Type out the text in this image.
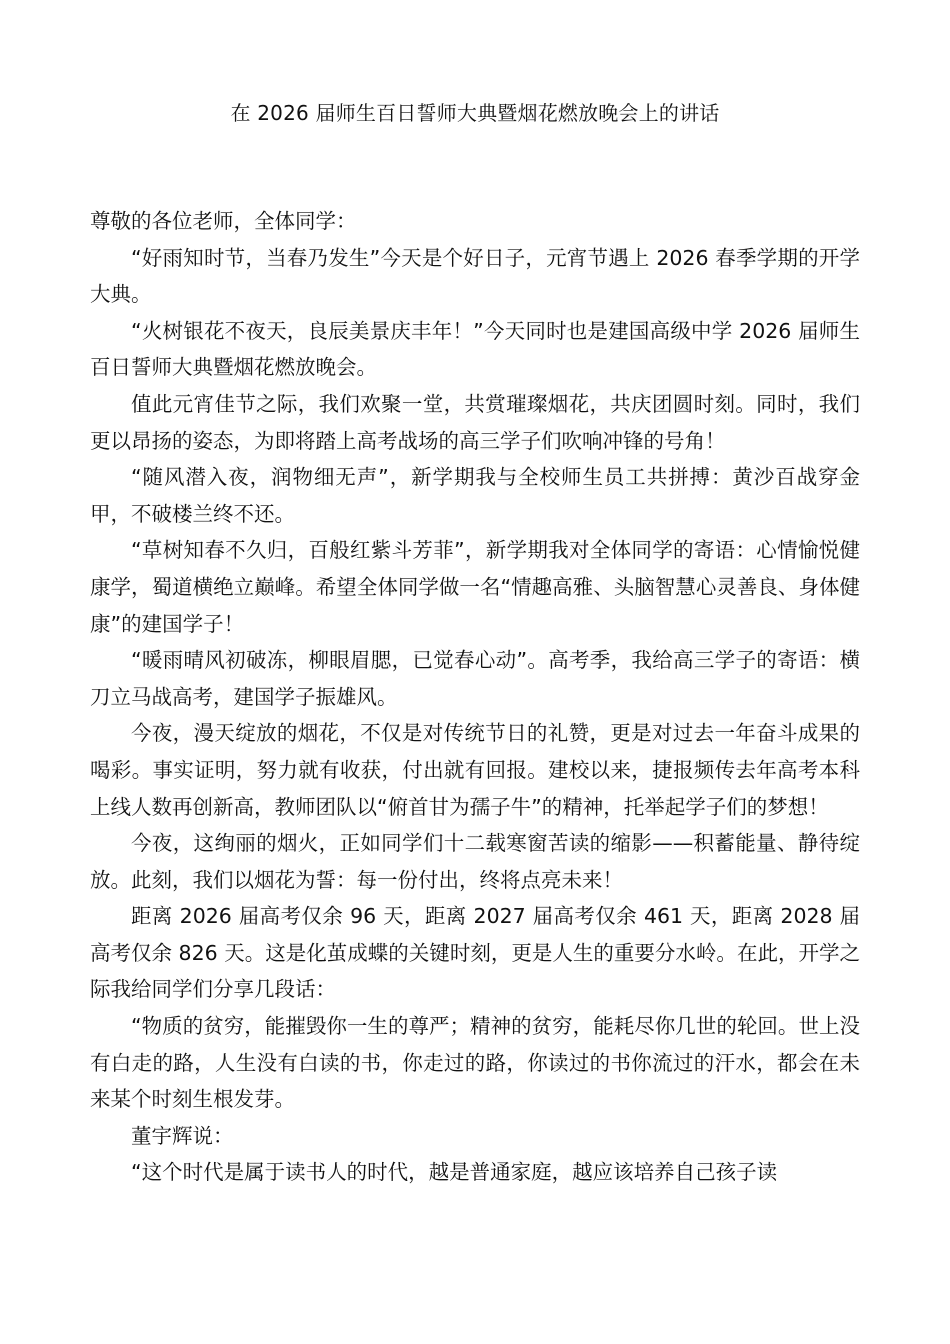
在 2026 届师生百日誓师大典暨烟花燃放晚会上的讲话

尊敬的各位老师，全体同学：

“好雨知时节，当春乃发生”今天是个好日子，元宵节遇上 2026 春季学期的开学大典。

“火树银花不夜天，良辰美景庆丰年！”今天同时也是建国高级中学 2026 届师生百日誓师大典暨烟花燃放晚会。

值此元宵佳节之际，我们欢聚一堂，共赏璀璨烟花，共庆团圆时刻。同时，我们更以昂扬的姿态，为即将踏上高考战场的高三学子们吹响冲锋的号角！

“随风潜入夜，润物细无声”，新学期我与全校师生员工共拼搏：黄沙百战穿金甲，不破楼兰终不还。

“草树知春不久归，百般红紫斗芳菲”，新学期我对全体同学的寄语：心情愉悦健康学，蜀道横绝立巅峰。希望全体同学做一名“情趣高雅、头脑智慧心灵善良、身体健康”的建国学子！

“暖雨晴风初破冻，柳眼眉腮，已觉春心动”。高考季，我给高三学子的寄语：横刀立马战高考，建国学子振雄风。

今夜，漫天绽放的烟花，不仅是对传统节日的礼赞，更是对过去一年奋斗成果的喝彩。事实证明，努力就有收获，付出就有回报。建校以来，捷报频传去年高考本科上线人数再创新高，教师团队以“俯首甘为孺子牛”的精神，托举起学子们的梦想！

今夜，这绚丽的烟火，正如同学们十二载寒窗苦读的缩影——积蓄能量、静待绽放。此刻，我们以烟花为誓：每一份付出，终将点亮未来！

距离 2026 届高考仅余 96 天，距离 2027 届高考仅余 461 天，距离 2028 届高考仅余 826 天。这是化茧成蝶的关键时刻，更是人生的重要分水岭。在此，开学之际我给同学们分享几段话：

“物质的贫穷，能摧毁你一生的尊严；精神的贫穷，能耗尽你几世的轮回。世上没有白走的路，人生没有白读的书，你走过的路，你读过的书你流过的汗水，都会在未来某个时刻生根发芽。

董宇辉说：

“这个时代是属于读书人的时代，越是普通家庭，越应该培养自己孩子读
